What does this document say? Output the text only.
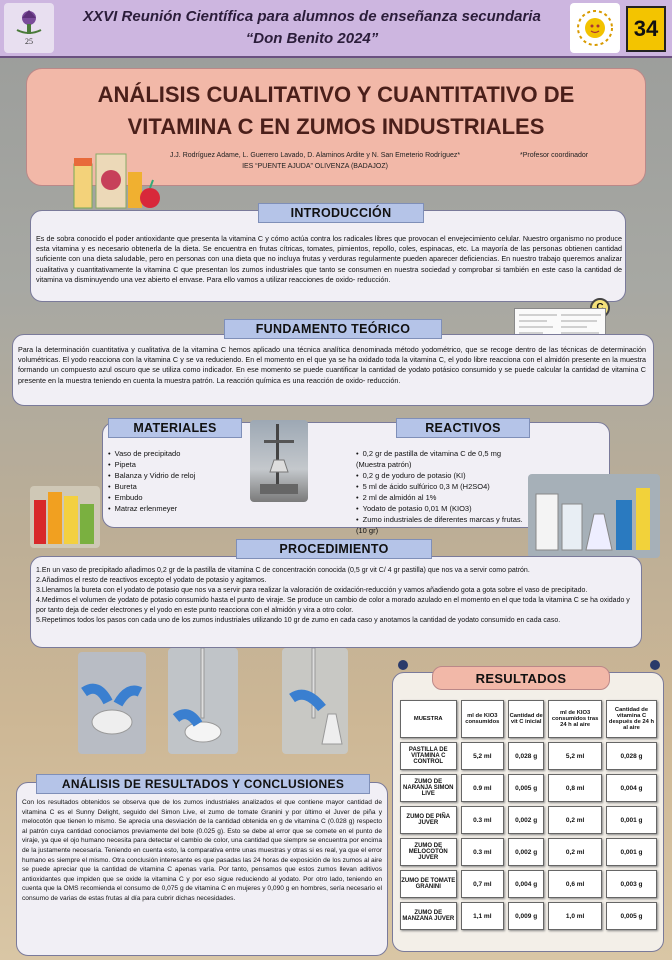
25
XXVI Reunión Científica para alumnos de enseñanza secundaria
“Don Benito 2024”	34
ANÁLISIS CUALITATIVO Y CUANTITATIVO DE
VITAMINA C EN ZUMOS INDUSTRIALES
J.J. Rodríguez Adame, L. Guerrero Lavado, D. Alaminos Ardite y N. San Emeterio Rodríguez*
IES “PUENTE AJUDA” OLIVENZA (BADAJOZ)
*Profesor coordinador
INTRODUCCIÓN
Es de sobra conocido el poder antioxidante que presenta la vitamina C y cómo actúa contra los radicales libres que provocan el envejecimiento celular. Nuestro organismo no produce esta vitamina y es necesario obtenerla de la dieta. Se encuentra en frutas cítricas, tomates, pimientos, repollo, coles, espinacas, etc. La mayoría de las personas obtienen cantidad suficiente con una dieta saludable, pero en personas con una dieta que no incluya frutas y verduras regularmente pueden aparecer deficiencias. En nuestro trabajo queremos analizar cualitativa y cuantitativamente la vitamina C que presentan los zumos industriales que tanto se consumen en nuestra sociedad y comprobar si también en este caso la cantidad de vitamina va disminuyendo una vez abierto el envase. Para ello vamos a utilizar reacciones de oxido- reducción.
FUNDAMENTO TEÓRICO
Para la determinación cuantitativa y cualitativa de la vitamina C hemos aplicado una técnica analítica denominada método yodométrico, que se recoge dentro de las técnicas de determinación volumétricas. El yodo reacciona con la vitamina C y se va reduciendo. En el momento en el que ya se ha oxidado toda la vitamina C, el yodo libre reacciona con el almidón presente en la muestra formando un compuesto azul oscuro que se utiliza como indicador. En ese momento se puede cuantificar la cantidad de yodato potásico consumido y se puede calcular la cantidad de vitamina C presente en la muestra teniendo en cuenta la muestra patrón. La reacción química es una reacción de oxido- reducción.
MATERIALES	REACTIVOS
• Vaso de precipitado
• Pipeta
• Balanza y Vidrio de reloj
• Bureta
• Embudo
• Matraz erlenmeyer
• 0,2 gr de pastilla de vitamina C de 0,5 mg (Muestra patrón)
• 0,2 g de yoduro de potasio (KI)
• 5 ml de ácido sulfúrico 0,3 M (H2SO4)
• 2 ml de almidón al 1%
• Yodato de potasio 0,01 M (KIO3)
• Zumo industriales de diferentes marcas y frutas. (10 gr)
PROCEDIMIENTO
1.En un vaso de precipitado añadimos 0,2 gr de la pastilla de vitamina C de concentración conocida (0,5 gr vit C/ 4 gr pastilla) que nos va a servir como patrón.
2.Añadimos el resto de reactivos excepto el yodato de potasio y agitamos.
3.Llenamos la bureta con el yodato de potasio que nos va a servir para realizar la valoración de oxidación-reducción y vamos añadiendo gota a gota sobre el vaso de precipitado.
4.Medimos el volumen de yodato de potasio consumido hasta el punto de viraje. Se produce un cambio de color a morado azulado en el momento en el que toda la vitamina C se ha oxidado y por tanto deja de ceder electrones y el yodo en este punto reacciona con el almidón y vira a otro color.
5.Repetimos todos los pasos con cada uno de los zumos industriales utilizando 10 gr de zumo en cada caso y anotamos la cantidad de yodato consumido en cada caso.
RESULTADOS
MUESTRA	ml de KIO3 consumidos	Cantidad de vit C inicial	ml de KIO3 consumidos tras 24 h al aire	Cantidad de vitamina C después de 24 h al aire
PASTILLA DE VITAMINA C CONTROL	5,2 ml	0,028 g	5,2 ml	0,028 g
ZUMO DE NARANJA SIMON LIVE	0.9 ml	0,005 g	0,8 ml	0,004 g
ZUMO DE PIÑA JUVER	0.3 ml	0,002 g	0,2 ml	0,001 g
ZUMO DE MELOCOTÓN JUVER	0.3 ml	0,002 g	0,2 ml	0,001 g
ZUMO DE TOMATE GRANINI	0,7 ml	0,004 g	0,6 ml	0,003 g
ZUMO DE MANZANA JUVER	1,1 ml	0,009 g	1,0 ml	0,005 g
ANÁLISIS DE RESULTADOS Y CONCLUSIONES
Con los resultados obtenidos se observa que de los zumos industriales analizados el que contiene mayor cantidad de vitamina C es el Sunny Delight, seguido del Simon Live, el zumo de tomate Granini y por último el Juver de piña y melocotón que tienen lo mismo. Se aprecia una desviación de la cantidad obtenida en g de vitamina C (0.028 g) respecto al patrón cuya cantidad conocíamos previamente del bote (0.025 g). Esto se debe al error que se comete en el punto de viraje, ya que el ojo humano necesita para detectar el cambio de color, una cantidad que siempre se encuentra por encima de la justamente necesaria. Teniendo en cuenta esto, la comparativa entre unas muestras y otras si es real, ya que el error humano es siempre el mismo. Otra conclusión interesante es que pasadas las 24 horas de exposición de los zumos al aire se puede apreciar que la cantidad de vitamina C apenas varía. Por tanto, pensamos que estos zumos llevan aditivos antioxidantes que impiden que se oxide la vitamina C y por eso sigue reduciendo al yodato. Por otro lado, teniendo en cuenta que la OMS recomienda el consumo de 0,075 g de vitamina C en mujeres y 0,090 g en hombres, sería necesario el consumo de varias de estas frutas al día para cubrir dichas necesidades.
